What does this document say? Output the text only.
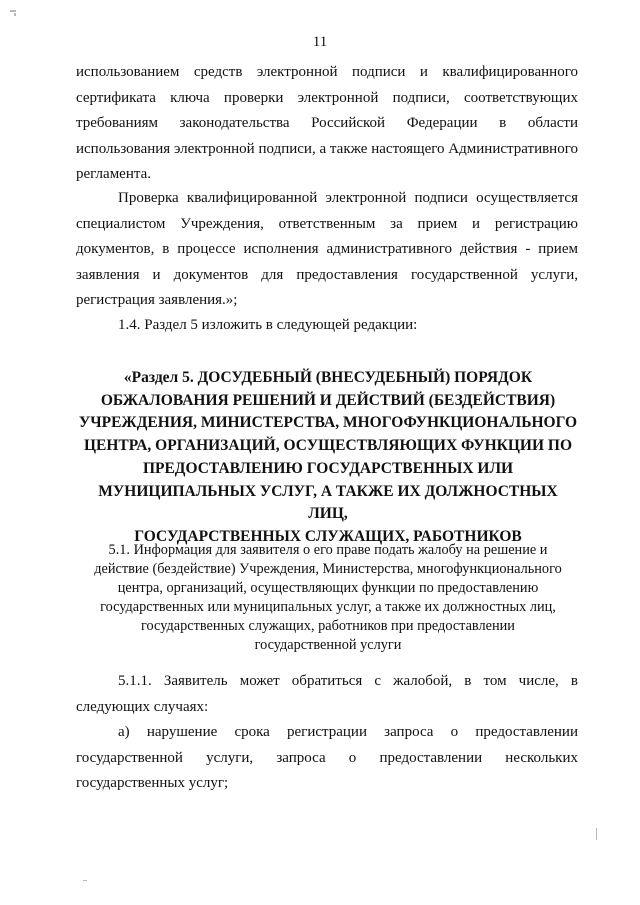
11

использованием средств электронной подписи и квалифицированного сертификата ключа проверки электронной подписи, соответствующих требованиям законодательства Российской Федерации в области использования электронной подписи, а также настоящего Административного регламента.

Проверка квалифицированной электронной подписи осуществляется специалистом Учреждения, ответственным за прием и регистрацию документов, в процессе исполнения административного действия - прием заявления и документов для предоставления государственной услуги, регистрация заявления.»;

1.4. Раздел 5 изложить в следующей редакции:

«Раздел 5. ДОСУДЕБНЫЙ (ВНЕСУДЕБНЫЙ) ПОРЯДОК
ОБЖАЛОВАНИЯ РЕШЕНИЙ И ДЕЙСТВИЙ (БЕЗДЕЙСТВИЯ)
УЧРЕЖДЕНИЯ, МИНИСТЕРСТВА, МНОГОФУНКЦИОНАЛЬНОГО
ЦЕНТРА, ОРГАНИЗАЦИЙ, ОСУЩЕСТВЛЯЮЩИХ ФУНКЦИИ ПО
ПРЕДОСТАВЛЕНИЮ ГОСУДАРСТВЕННЫХ ИЛИ
МУНИЦИПАЛЬНЫХ УСЛУГ, А ТАКЖЕ ИХ ДОЛЖНОСТНЫХ ЛИЦ,
ГОСУДАРСТВЕННЫХ СЛУЖАЩИХ, РАБОТНИКОВ
5.1. Информация для заявителя о его праве подать жалобу на решение и
действие (бездействие) Учреждения, Министерства, многофункционального
центра, организаций, осуществляющих функции по предоставлению
государственных или муниципальных услуг, а также их должностных лиц,
государственных служащих, работников при предоставлении
государственной услуги

5.1.1. Заявитель может обратиться с жалобой, в том числе, в следующих случаях:

а) нарушение срока регистрации запроса о предоставлении государственной услуги, запроса о предоставлении нескольких государственных услуг;
